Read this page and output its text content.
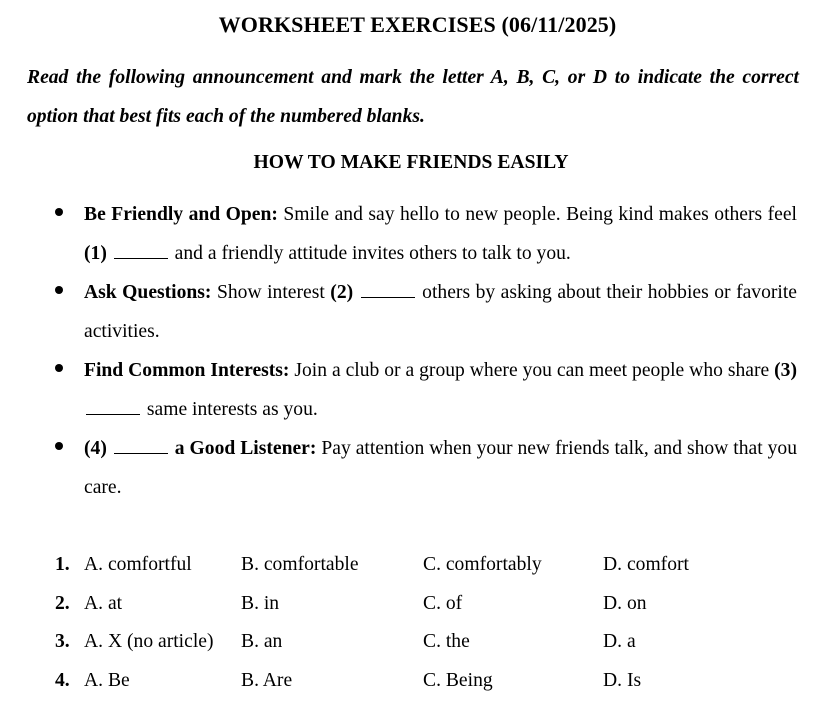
WORKSHEET EXERCISES (06/11/2025)
Read the following announcement and mark the letter A, B, C, or D to indicate the correct option that best fits each of the numbered blanks.
HOW TO MAKE FRIENDS EASILY
Be Friendly and Open: Smile and say hello to new people. Being kind makes others feel (1)	and a friendly attitude invites others to talk to you.
Ask Questions: Show interest (2)	others by asking about their hobbies or favorite activities.
Find Common Interests: Join a club or a group where you can meet people who share (3)  same interests as you.
(4)	a Good Listener: Pay attention when your new friends talk, and show that you care.
1. A. comfortful	B. comfortable	C. comfortably	D. comfort
2. A. at	B. in	C. of	D. on
3. A. X (no article) B. an	C. the	D. a
4. A. Be	B. Are	C. Being	D. Is
